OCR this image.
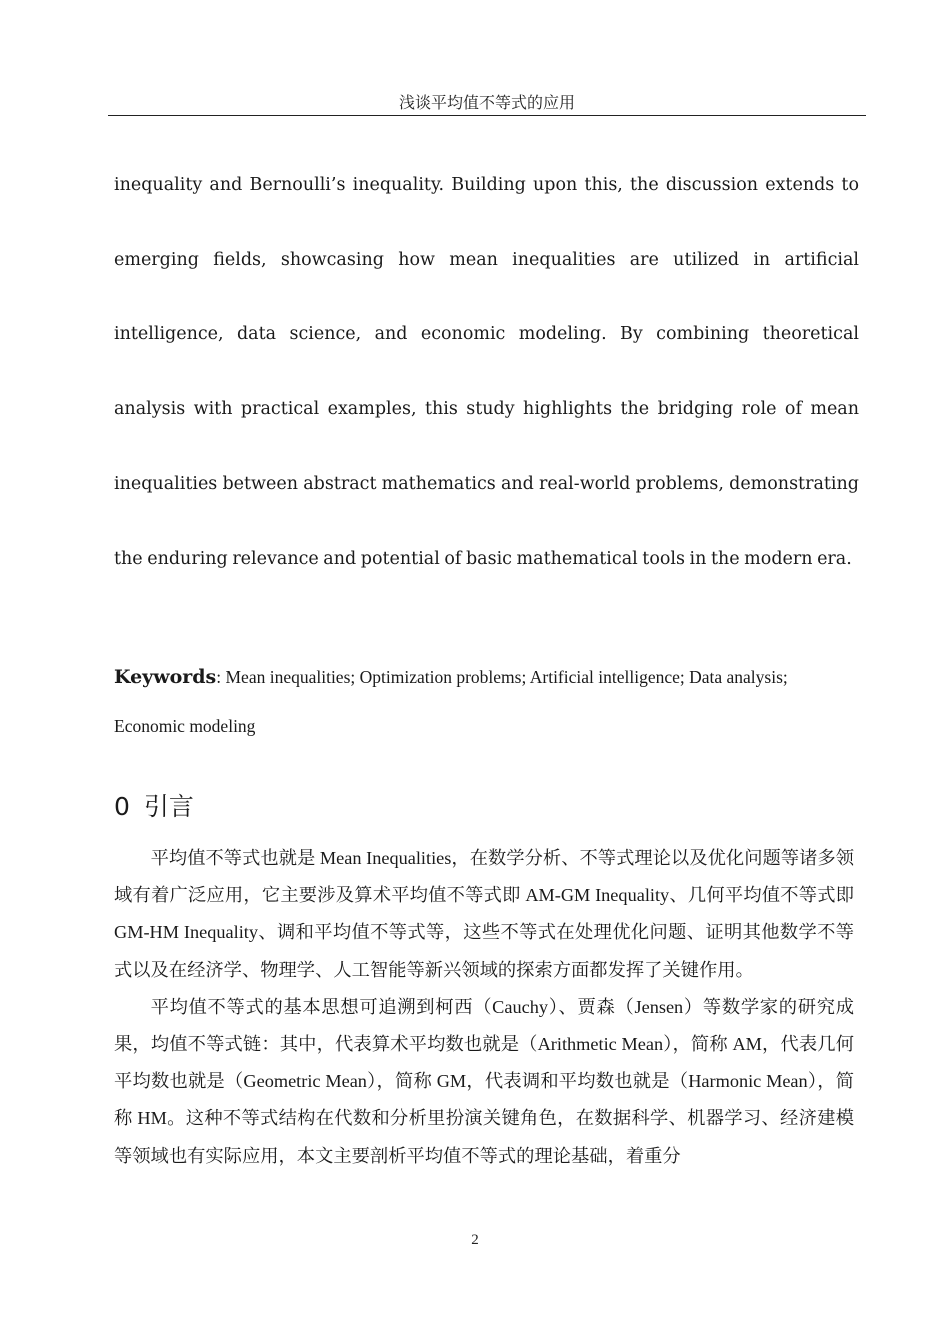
浅谈平均值不等式的应用

inequality and Bernoulli’s inequality. Building upon this, the discussion extends to emerging fields, showcasing how mean inequalities are utilized in artificial intelligence, data science, and economic modeling. By combining theoretical analysis with practical examples, this study highlights the bridging role of mean inequalities between abstract mathematics and real-world problems, demonstrating the enduring relevance and potential of basic mathematical tools in the modern era.

Keywords: Mean inequalities; Optimization problems; Artificial intelligence; Data analysis; Economic modeling

0 引言

平均值不等式也就是 Mean Inequalities，在数学分析、不等式理论以及优化问题等诸多领域有着广泛应用，它主要涉及算术平均值不等式即 AM-GM Inequality、几何平均值不等式即 GM-HM Inequality、调和平均值不等式等，这些不等式在处理优化问题、证明其他数学不等式以及在经济学、物理学、人工智能等新兴领域的探索方面都发挥了关键作用。

平均值不等式的基本思想可追溯到柯西（Cauchy）、贾森（Jensen）等数学家的研究成果，均值不等式链：其中，代表算术平均数也就是（Arithmetic Mean），简称 AM，代表几何平均数也就是（Geometric Mean），简称 GM，代表调和平均数也就是（Harmonic Mean），简称 HM。这种不等式结构在代数和分析里扮演关键角色，在数据科学、机器学习、经济建模等领域也有实际应用，本文主要剖析平均值不等式的理论基础，着重分

2
